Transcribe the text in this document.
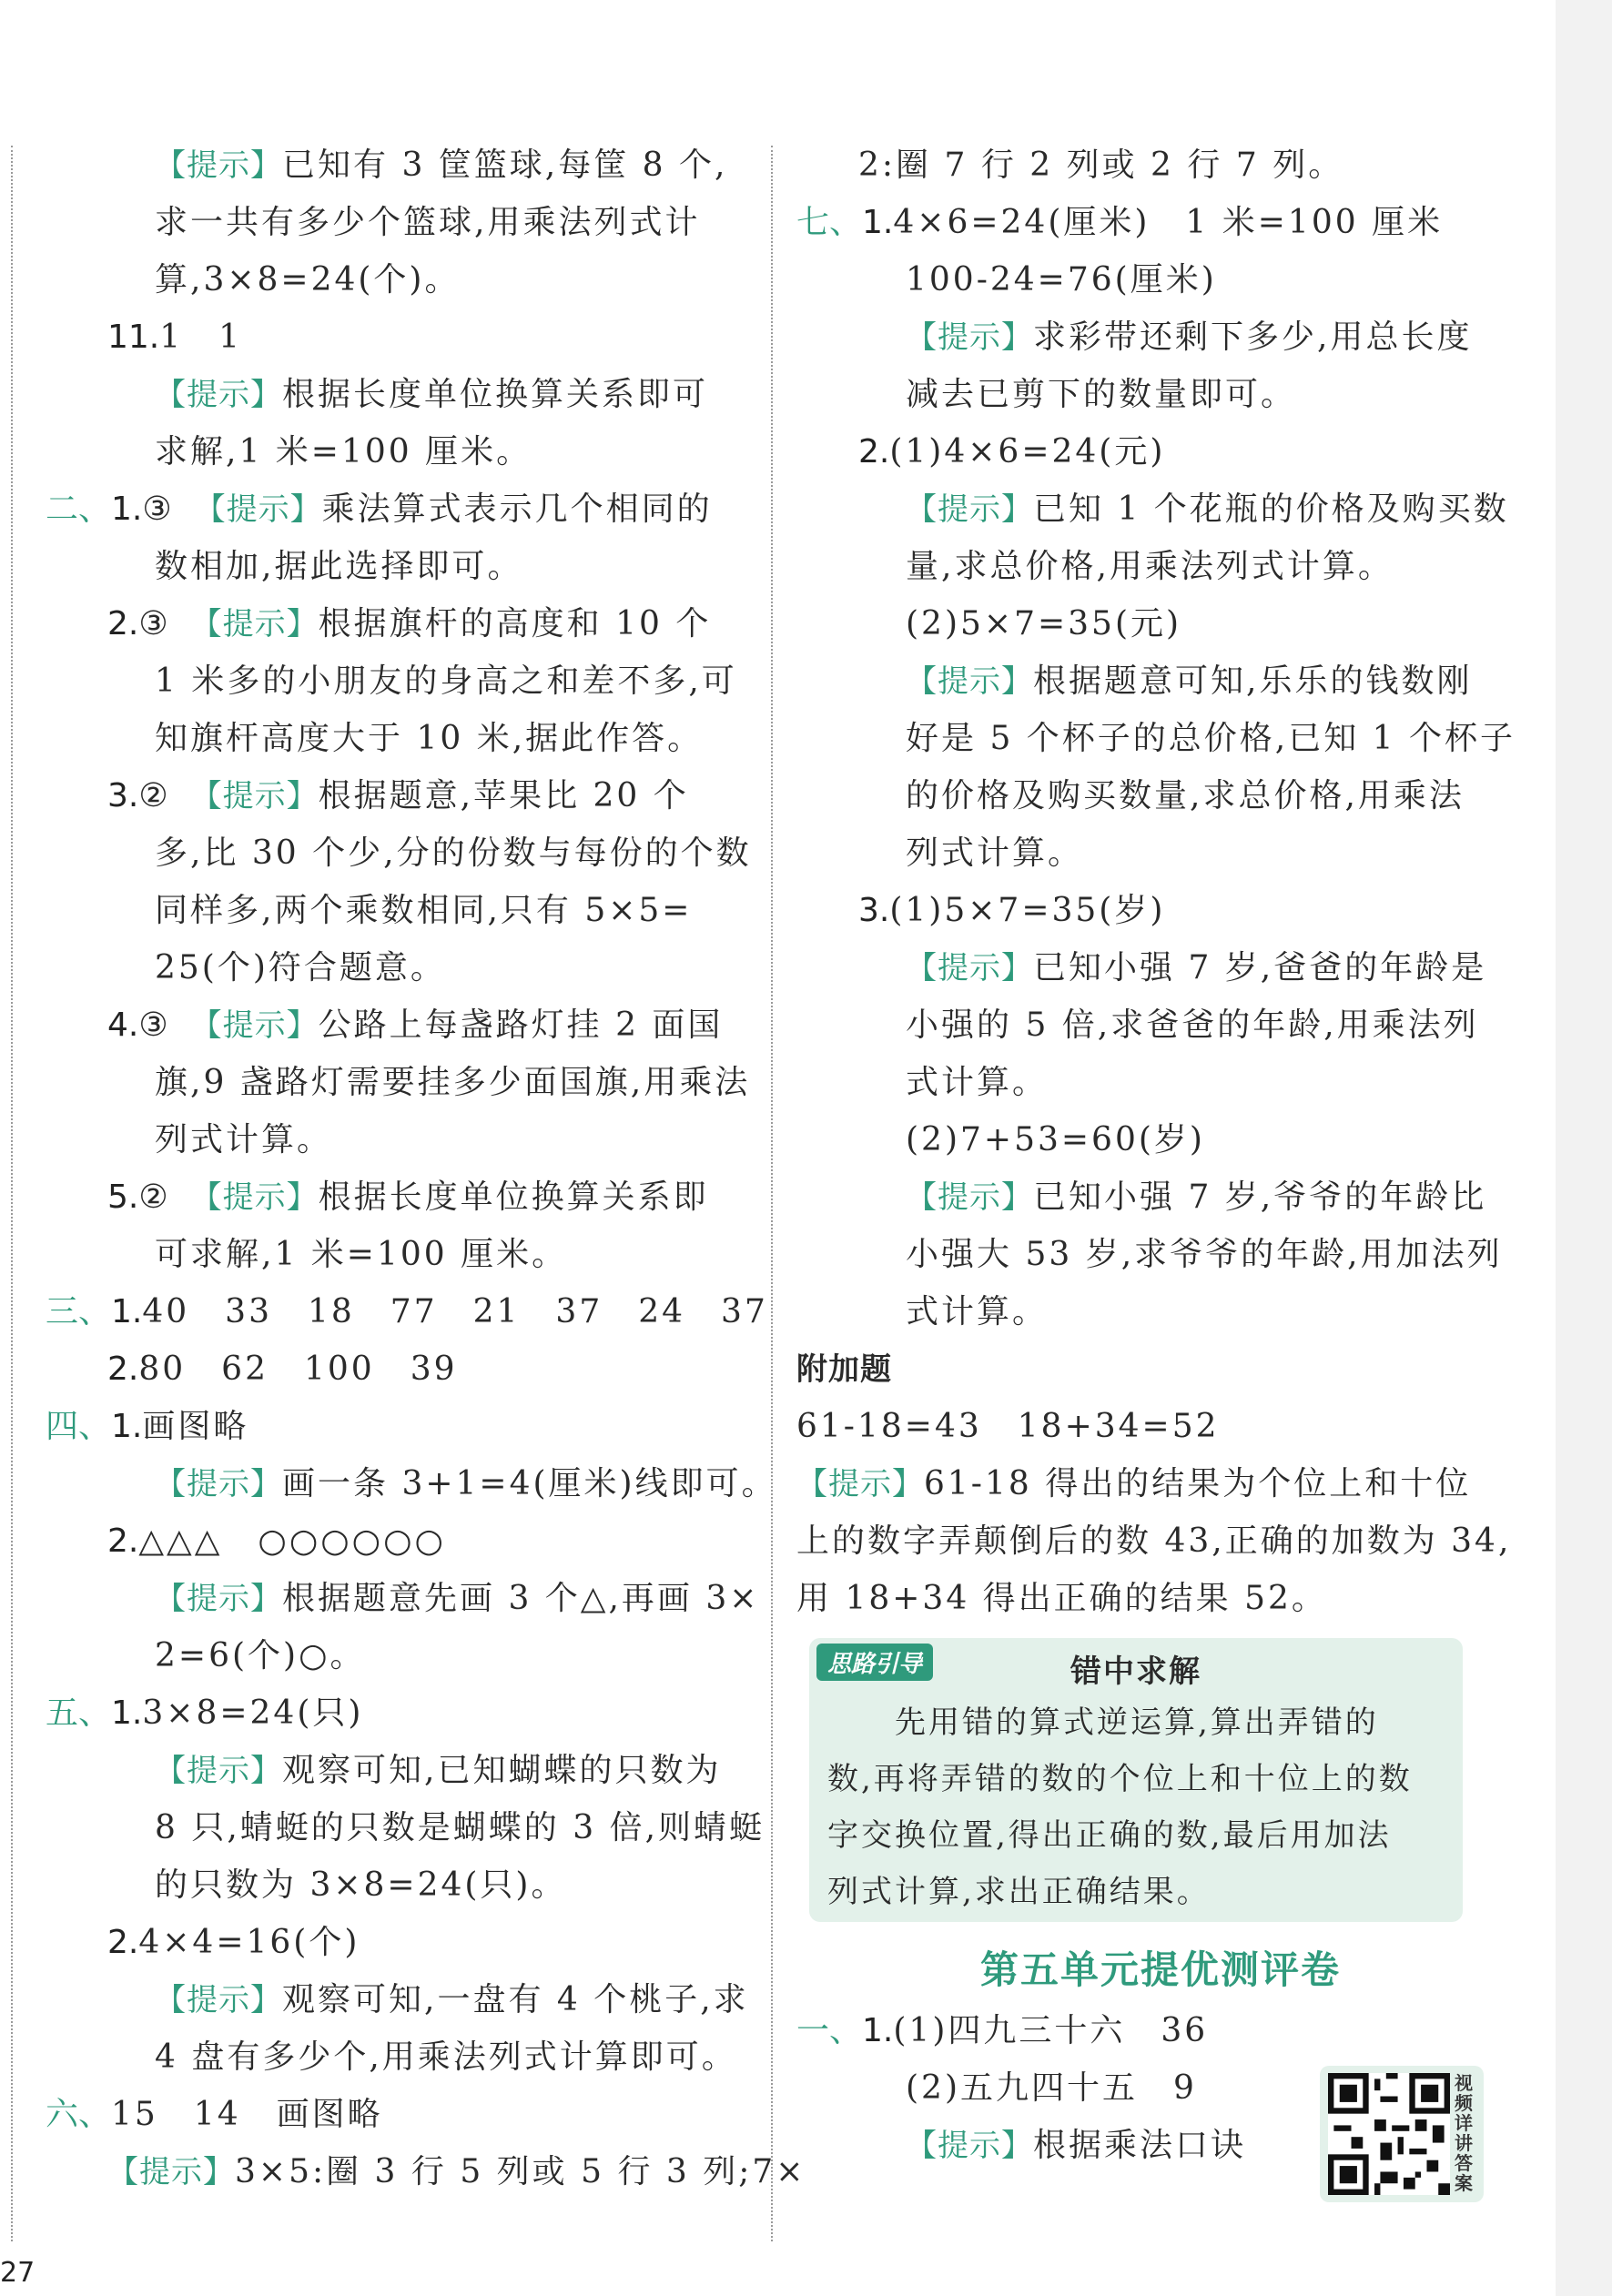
【提示】已知有 3 筐篮球,每筐 8 个,
求一共有多少个篮球,用乘法列式计
算,3×8=24(个)。
11.1　1
【提示】根据长度单位换算关系即可
求解,1 米=100 厘米。
二、1.③　【提示】乘法算式表示几个相同的
数相加,据此选择即可。
2.③　【提示】根据旗杆的高度和 10 个
1 米多的小朋友的身高之和差不多,可
知旗杆高度大于 10 米,据此作答。
3.②　【提示】根据题意,苹果比 20 个
多,比 30 个少,分的份数与每份的个数
同样多,两个乘数相同,只有 5×5=
25(个)符合题意。
4.③　【提示】公路上每盏路灯挂 2 面国
旗,9 盏路灯需要挂多少面国旗,用乘法
列式计算。
5.②　【提示】根据长度单位换算关系即
可求解,1 米=100 厘米。
三、1.40　33　18　77　21　37　24　37
2.80　62　100　39
四、1.画图略
【提示】画一条 3+1=4(厘米)线即可。
2.△△△　○○○○○○
【提示】根据题意先画 3 个△,再画 3×
2=6(个)○。
五、1.3×8=24(只)
【提示】观察可知,已知蝴蝶的只数为
8 只,蜻蜓的只数是蝴蝶的 3 倍,则蜻蜓
的只数为 3×8=24(只)。
2.4×4=16(个)
【提示】观察可知,一盘有 4 个桃子,求
4 盘有多少个,用乘法列式计算即可。
六、15　14　画图略
【提示】3×5:圈 3 行 5 列或 5 行 3 列;7×
2:圈 7 行 2 列或 2 行 7 列。
七、1.4×6=24(厘米)　1 米=100 厘米
100-24=76(厘米)
【提示】求彩带还剩下多少,用总长度
减去已剪下的数量即可。
2.(1)4×6=24(元)
【提示】已知 1 个花瓶的价格及购买数
量,求总价格,用乘法列式计算。
(2)5×7=35(元)
【提示】根据题意可知,乐乐的钱数刚
好是 5 个杯子的总价格,已知 1 个杯子
的价格及购买数量,求总价格,用乘法
列式计算。
3.(1)5×7=35(岁)
【提示】已知小强 7 岁,爸爸的年龄是
小强的 5 倍,求爸爸的年龄,用乘法列
式计算。
(2)7+53=60(岁)
【提示】已知小强 7 岁,爷爷的年龄比
小强大 53 岁,求爷爷的年龄,用加法列
式计算。
附加题
61-18=43　18+34=52
【提示】61-18 得出的结果为个位上和十位
上的数字弄颠倒后的数 43,正确的加数为 34,
用 18+34 得出正确的结果 52。
思路引导	错中求解
　　先用错的算式逆运算,算出弄错的
数,再将弄错的数的个位上和十位上的数
字交换位置,得出正确的数,最后用加法
列式计算,求出正确结果。
第五单元提优测评卷
一、1.(1)四九三十六　36
(2)五九四十五　9
【提示】根据乘法口诀
视频详讲答案
27
